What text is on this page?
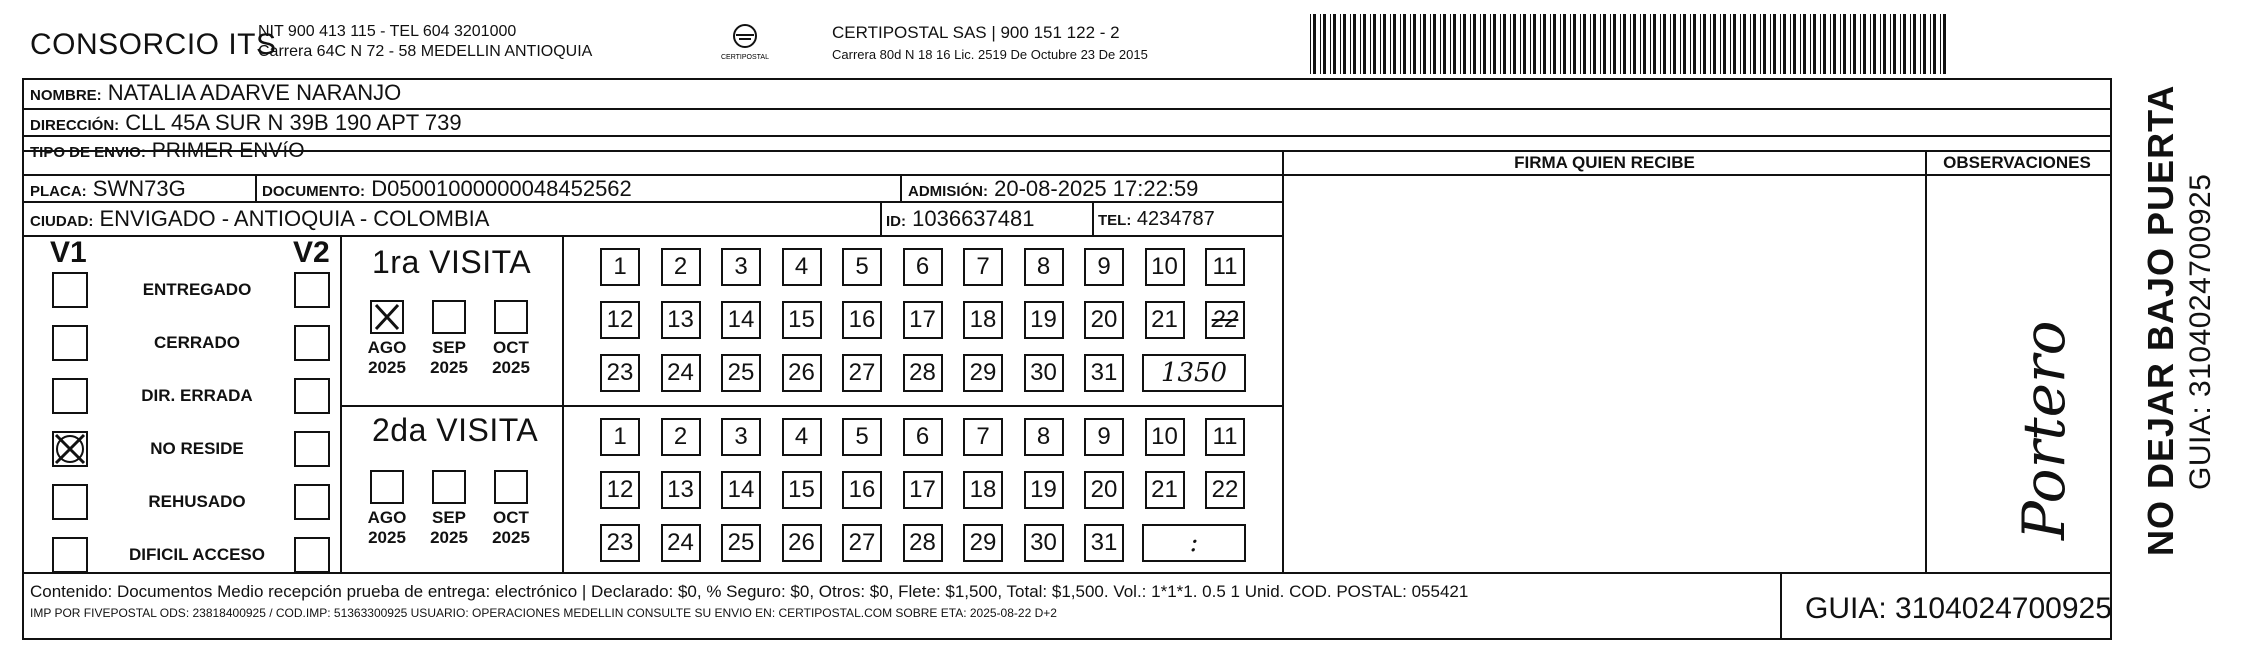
CONSORCIO ITS
NIT 900 413 115 - TEL 604 3201000
Carrera 64C N 72 - 58 MEDELLIN ANTIOQUIA	CERTIPOSTAL
CERTIPOSTAL SAS | 900 151 122 - 2
Carrera 80d N 18 16 Lic. 2519 De Octubre 23 De 2015
NOMBRE: NATALIA ADARVE NARANJO
DIRECCIÓN: CLL 45A SUR N 39B 190 APT 739
TIPO DE ENVIO: PRIMER ENVíO
PLACA: SWN73G	DOCUMENTO: D05001000000048452562	ADMISIÓN: 20-08-2025 17:22:59
CIUDAD: ENVIGADO - ANTIOQUIA - COLOMBIA	ID: 1036637481	TEL: 4234787
FIRMA QUIEN RECIBE	OBSERVACIONES
Portero NO DEJAR BAJO PUERTA GUIA: 3104024700925
V1	V2
ENTREGADO
CERRADO
DIR. ERRADA
NO RESIDE
REHUSADO
DIFICIL ACCESO
1ra VISITA
AGO
2025
SEP
2025
OCT
2025
1	2	3	4	5	6	7	8	9	10	11
12 13 14 15 16 17 18 19 20 21 22
23 24 25 26 27 28 29 30 31	1350
2da VISITA
AGO
2025
SEP
2025
OCT
2025
1	2	3	4	5	6	7	8	9	10	11
12 13 14 15 16 17 18 19 20 21 22
23 24 25 26 27 28 29 30 31	:
Contenido: Documentos Medio recepción prueba de entrega: electrónico | Declarado: $0, % Seguro: $0, Otros: $0, Flete: $1,500, Total: $1,500. Vol.: 1*1*1. 0.5 1 Unid. COD. POSTAL: 055421
IMP POR FIVEPOSTAL ODS: 23818400925 / COD.IMP: 51363300925 USUARIO: OPERACIONES MEDELLIN CONSULTE SU ENVIO EN: CERTIPOSTAL.COM SOBRE ETA: 2025-08-22 D+2	GUIA: 3104024700925
